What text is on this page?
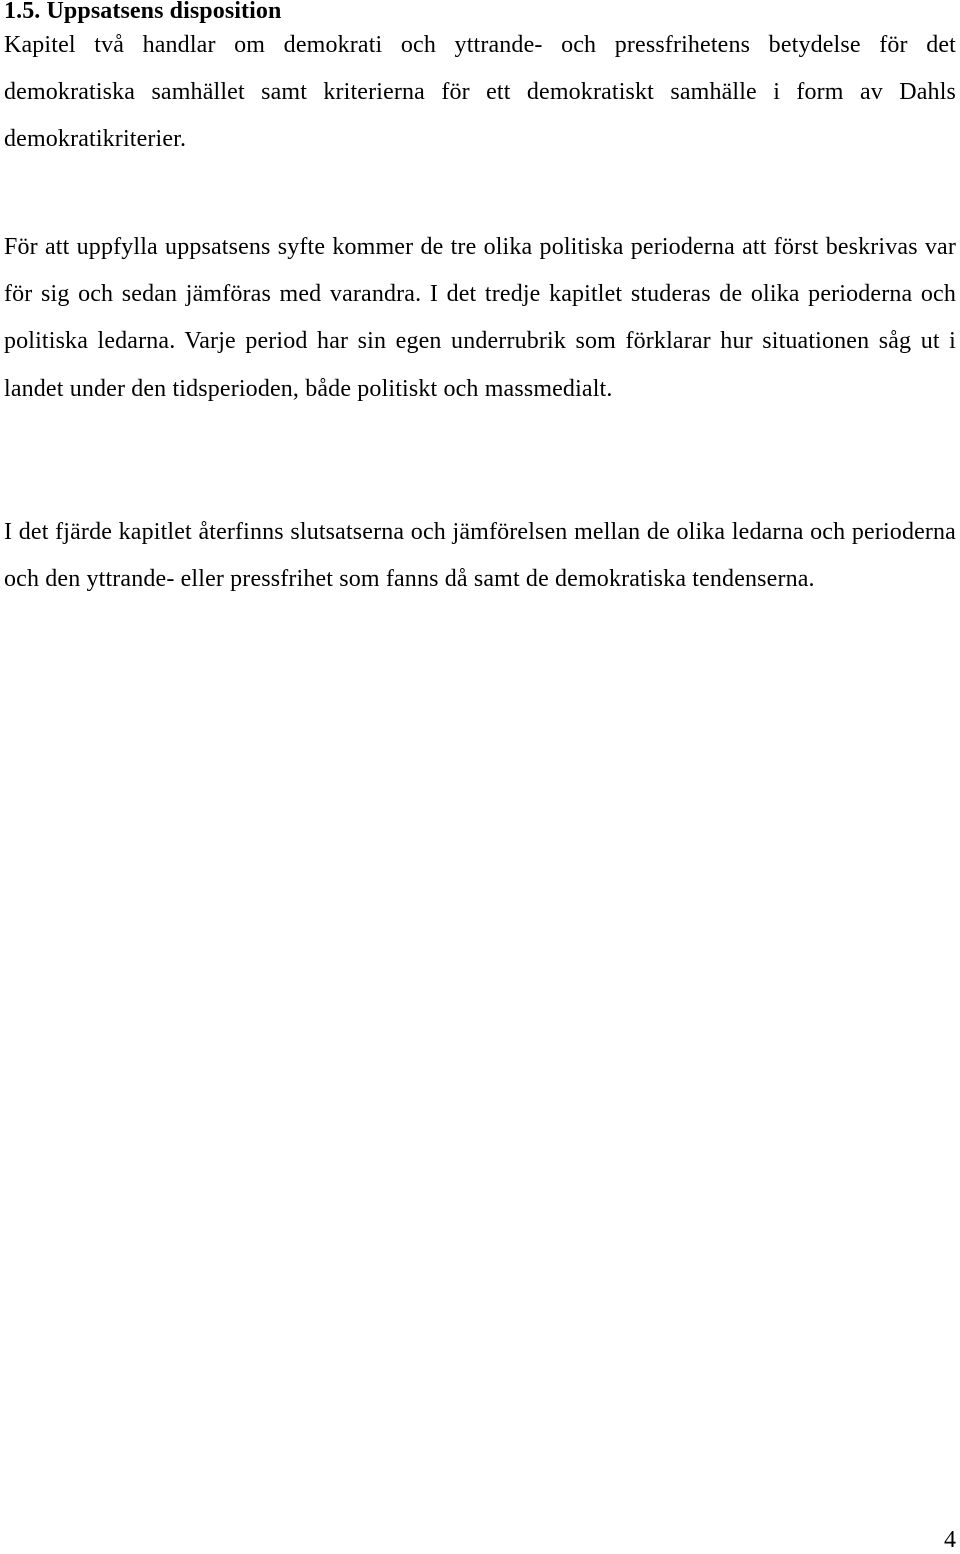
1.5. Uppsatsens disposition

Kapitel två handlar om demokrati och yttrande- och pressfrihetens betydelse för det demokratiska samhället samt kriterierna för ett demokratiskt samhälle i form av Dahls demokratikriterier.

För att uppfylla uppsatsens syfte kommer de tre olika politiska perioderna att först beskrivas var för sig och sedan jämföras med varandra. I det tredje kapitlet studeras de olika perioderna och politiska ledarna. Varje period har sin egen underrubrik som förklarar hur situationen såg ut i landet under den tidsperioden, både politiskt och massmedialt.

I det fjärde kapitlet återfinns slutsatserna och jämförelsen mellan de olika ledarna och perioderna och den yttrande- eller pressfrihet som fanns då samt de demokratiska tendenserna.

4
